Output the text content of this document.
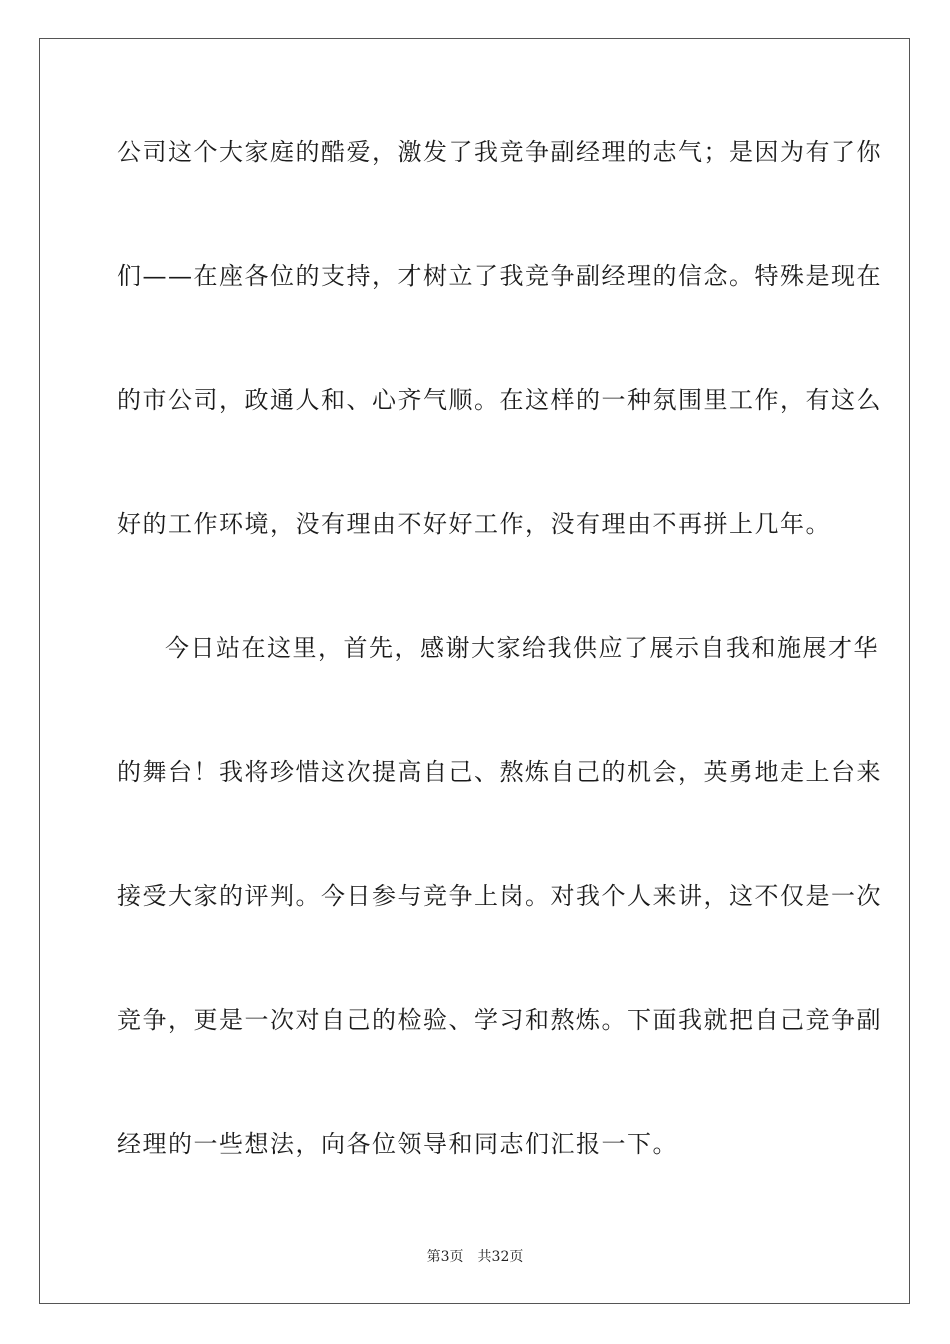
公司这个大家庭的酷爱，激发了我竞争副经理的志气；是因为有了你
们——在座各位的支持，才树立了我竞争副经理的信念。特殊是现在
的市公司，政通人和、心齐气顺。在这样的一种氛围里工作，有这么
好的工作环境，没有理由不好好工作，没有理由不再拼上几年。
今日站在这里，首先，感谢大家给我供应了展示自我和施展才华
的舞台！我将珍惜这次提高自己、熬炼自己的机会，英勇地走上台来
接受大家的评判。今日参与竞争上岗。对我个人来讲，这不仅是一次
竞争，更是一次对自己的检验、学习和熬炼。下面我就把自己竞争副
经理的一些想法，向各位领导和同志们汇报一下。
第3页 共32页
